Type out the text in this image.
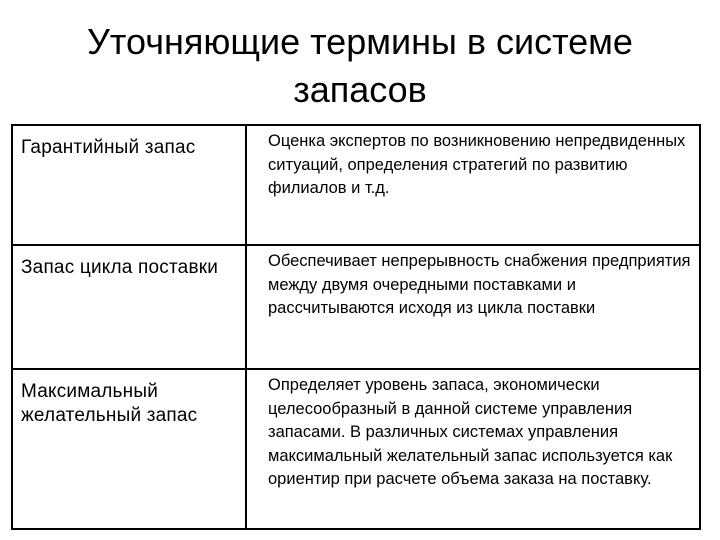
Уточняющие термины в системе
запасов
Гарантийный запас	Оценка экспертов по возникновению непредвиденных ситуаций, определения стратегий по развитию филиалов и т.д.
Запас цикла поставки	Обеспечивает непрерывность снабжения предприятия между двумя очередными поставками и рассчитываются исходя из цикла поставки
Максимальный желательный запас	Определяет уровень запаса, экономически целесообразный в данной системе управления запасами. В различных системах управления максимальный желательный запас используется как ориентир при расчете объема заказа на поставку.
